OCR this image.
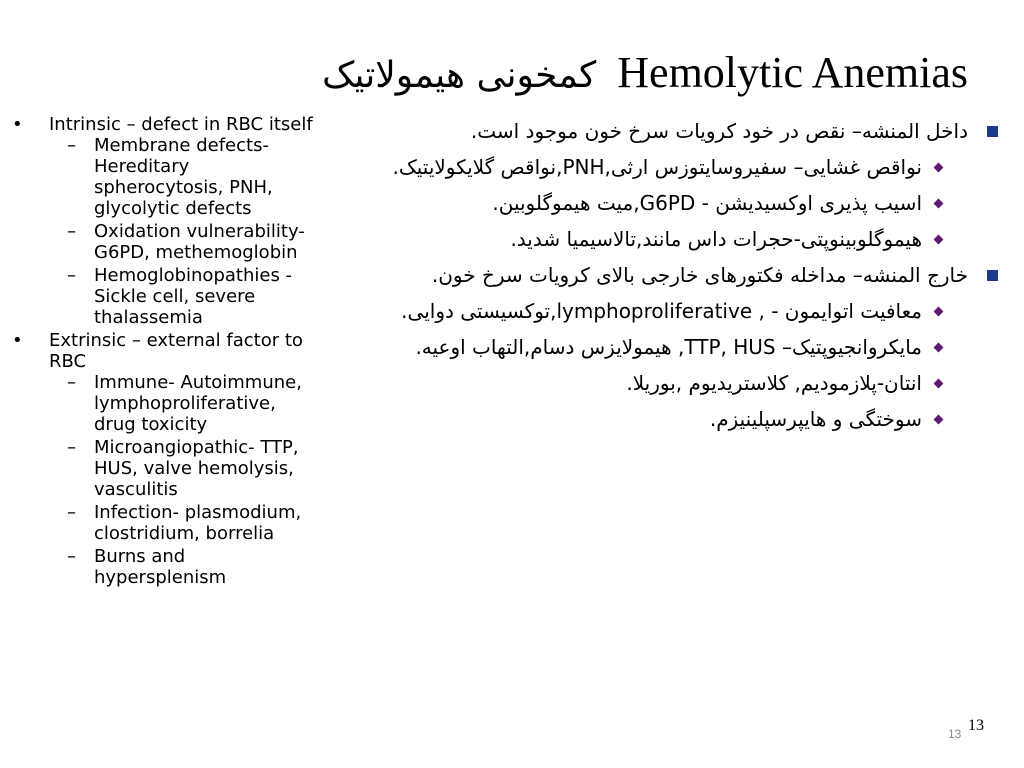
کمخونی هیمولاتیک Hemolytic Anemias
• Intrinsic – defect in RBC itself
– Membrane defects- Hereditary spherocytosis, PNH, glycolytic defects
– Oxidation vulnerability- G6PD, methemoglobin
– Hemoglobinopathies - Sickle cell, severe thalassemia
• Extrinsic – external factor to RBC
– Immune- Autoimmune, lymphoproliferative, drug toxicity
– Microangiopathic- TTP, HUS, valve hemolysis, vasculitis
– Infection- plasmodium, clostridium, borrelia
– Burns and hypersplenism
داخل المنشه– نقص در خود کرویات سرخ خون موجود است.
نواقص غشایی– سفیروسایتوزس ارثی,PNH,نواقص گلایکولایتیک.
اسیب پذیری اوکسیدیشن - G6PD,میت هیموگلوبین.
هیموگلوبینوپتی-حجرات داس مانند,تالاسیمیا شدید.
خارج المنشه– مداخله فکتورهای خارجی بالای کرویات سرخ خون.
معافیت اتوایمون - , lymphoproliferative,توکسیستی دوایی.
مایکروانجیوپتیک– TTP, HUS, هیمولایزس دسام,التهاب اوعیه.
انتان-پلازمودیم, کلاستریدیوم ,بوریلا.
سوختگی و هایپرسپلینیزم.
13 13
